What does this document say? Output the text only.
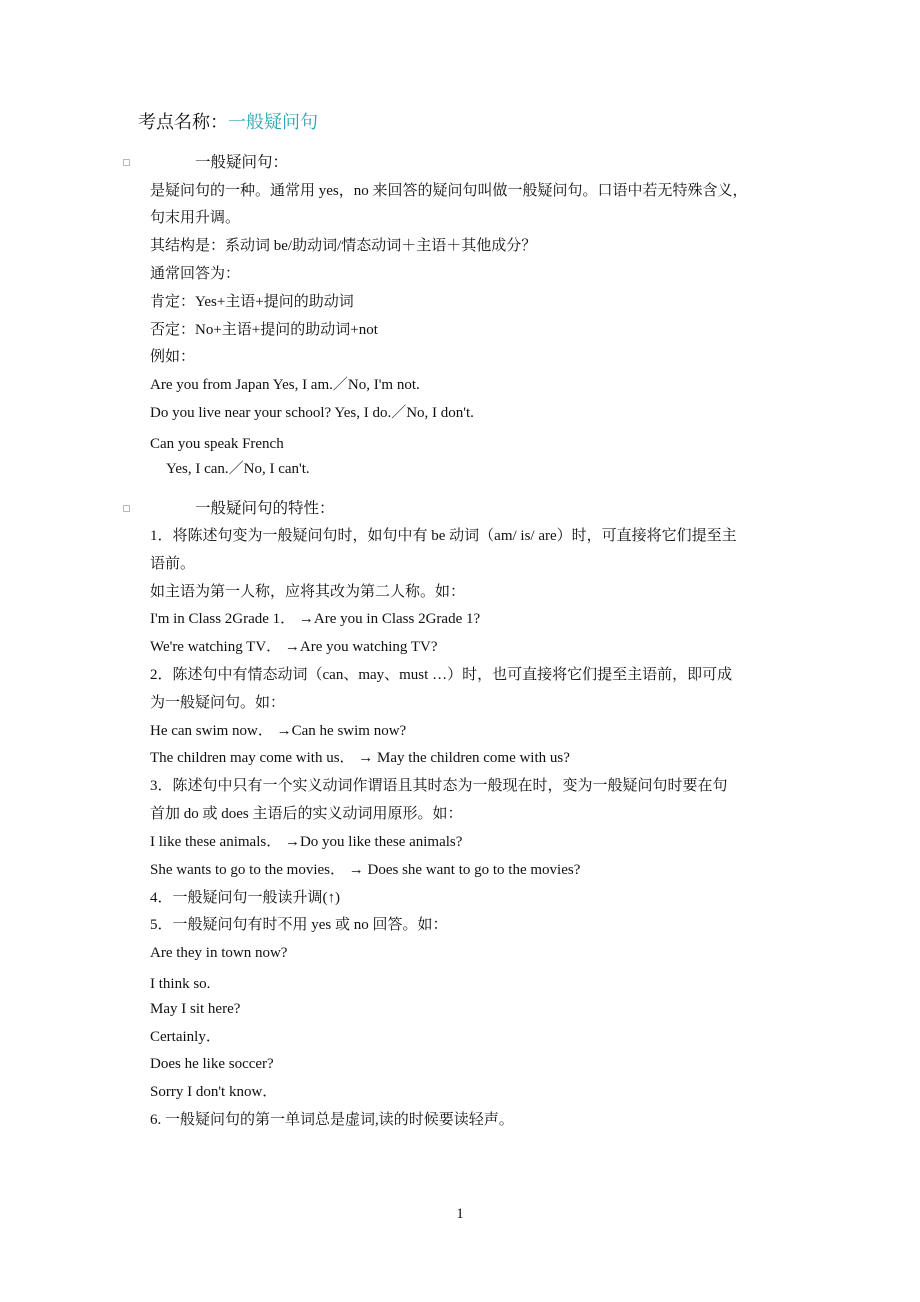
考点名称：一般疑问句
一般疑问句：
是疑问句的一种。通常用 yes，no 来回答的疑问句叫做一般疑问句。口语中若无特殊含义，
句末用升调。
其结构是：系动词 be/助动词/情态动词＋主语＋其他成分？
通常回答为：
肯定：Yes+主语+提问的助动词
否定：No+主语+提问的助动词+not
例如：
Are you from Japan Yes, I am.／No, I'm not.
Do you live near your school? Yes, I do.／No, I don't.
Can you speak French
Yes, I can.／No, I can't.
一般疑问句的特性：
1．将陈述句变为一般疑问句时，如句中有 be 动词（am/ is/ are）时，可直接将它们提至主
语前。
如主语为第一人称，应将其改为第二人称。如：
I'm in Class 2Grade 1． →Are you in Class 2Grade 1?
We're watching TV． →Are you watching TV?
2．陈述句中有情态动词（can、may、must …）时，也可直接将它们提至主语前，即可成
为一般疑问句。如：
He can swim now． →Can he swim now?
The children may come with us． → May the children come with us?
3．陈述句中只有一个实义动词作谓语且其时态为一般现在时，变为一般疑问句时要在句
首加 do 或 does 主语后的实义动词用原形。如：
I like these animals． →Do you like these animals?
She wants to go to the movies． → Does she want to go to the movies?
4．一般疑问句一般读升调(↑)
5．一般疑问句有时不用 yes 或 no 回答。如：
Are they in town now?
I think so.
May I sit here?
Certainly．
Does he like soccer?
Sorry I don't know．
6. 一般疑问句的第一单词总是虚词,读的时候要读轻声。
1
